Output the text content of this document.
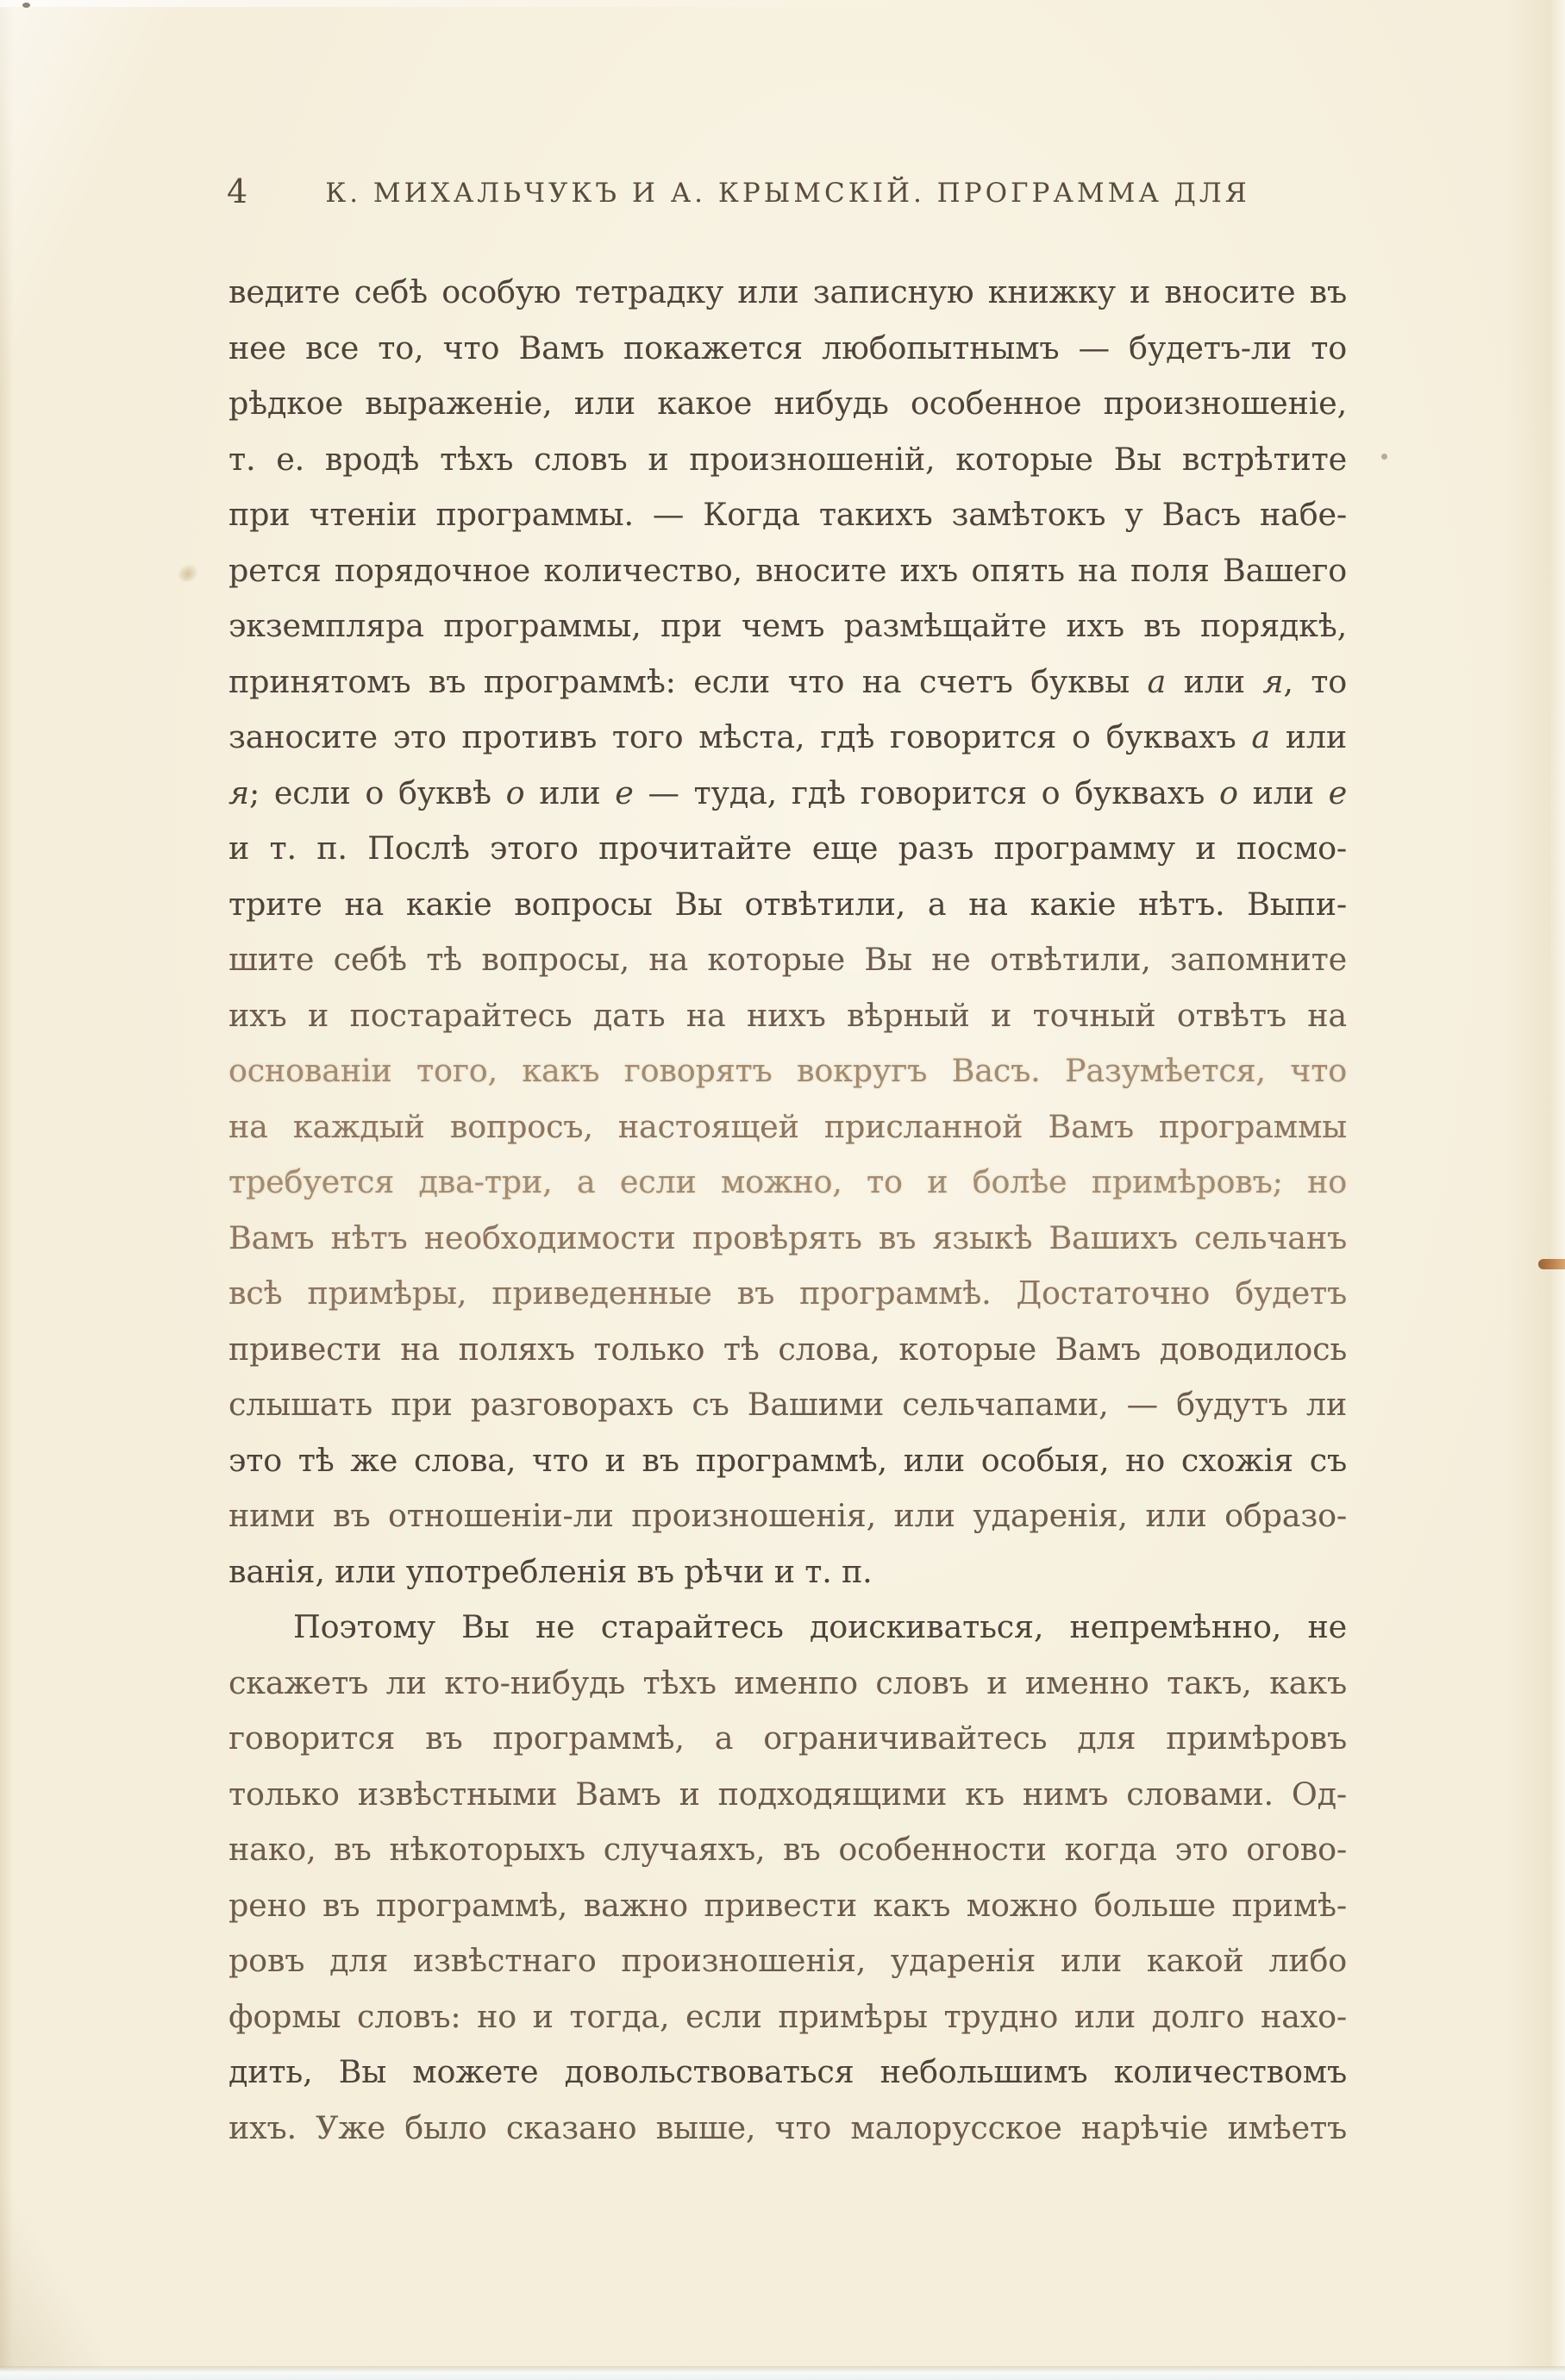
4	К. МИХАЛЬЧУКЪ И А. КРЫМСКІЙ. ПРОГРАММА ДЛЯ
ведите себѣ особую тетрадку или записную книжку и вносите въ
нее все то, что Вамъ покажется любопытнымъ — будетъ-ли то
рѣдкое выраженіе, или какое нибудь особенное произношеніе,
т. е. вродѣ тѣхъ словъ и произношеній, которые Вы встрѣтите
при чтеніи программы. — Когда такихъ замѣтокъ у Васъ набе-
рется порядочное количество, вносите ихъ опять на поля Вашего
экземпляра программы, при чемъ размѣщайте ихъ въ порядкѣ,
принятомъ въ программѣ: если что на счетъ буквы а или я, то
заносите это противъ того мѣста, гдѣ говорится о буквахъ а или
я; если о буквѣ о или е — туда, гдѣ говорится о буквахъ о или е
и т. п. Послѣ этого прочитайте еще разъ программу и посмо-
трите на какіе вопросы Вы отвѣтили, а на какіе нѣтъ. Выпи-
шите себѣ тѣ вопросы, на которые Вы не отвѣтили, запомните
ихъ и постарайтесь дать на нихъ вѣрный и точный отвѣтъ на
основаніи того, какъ говорятъ вокругъ Васъ. Разумѣется, что
на каждый вопросъ, настоящей присланной Вамъ программы
требуется два-три, а если можно, то и болѣе примѣровъ; но
Вамъ нѣтъ необходимости провѣрять въ языкѣ Вашихъ сельчанъ
всѣ примѣры, приведенные въ программѣ. Достаточно будетъ
привести на поляхъ только тѣ слова, которые Вамъ доводилось
слышать при разговорахъ съ Вашими сельчапами, — будутъ ли
это тѣ же слова, что и въ программѣ, или особыя, но схожія съ
ними въ отношеніи-ли произношенія, или ударенія, или образо-
ванія, или употребленія въ рѣчи и т. п.
Поэтому Вы не старайтесь доискиваться, непремѣнно, не
скажетъ ли кто-нибудь тѣхъ именпо словъ и именно такъ, какъ
говорится въ программѣ, а ограничивайтесь для примѣровъ
только извѣстными Вамъ и подходящими къ нимъ словами. Од-
нако, въ нѣкоторыхъ случаяхъ, въ особенности когда это огово-
рено въ программѣ, важно привести какъ можно больше примѣ-
ровъ для извѣстнаго произношенія, ударенія или какой либо
формы словъ: но и тогда, если примѣры трудно или долго нахо-
дить, Вы можете довольствоваться небольшимъ количествомъ
ихъ. Уже было сказано выше, что малорусское нарѣчіе имѣетъ
